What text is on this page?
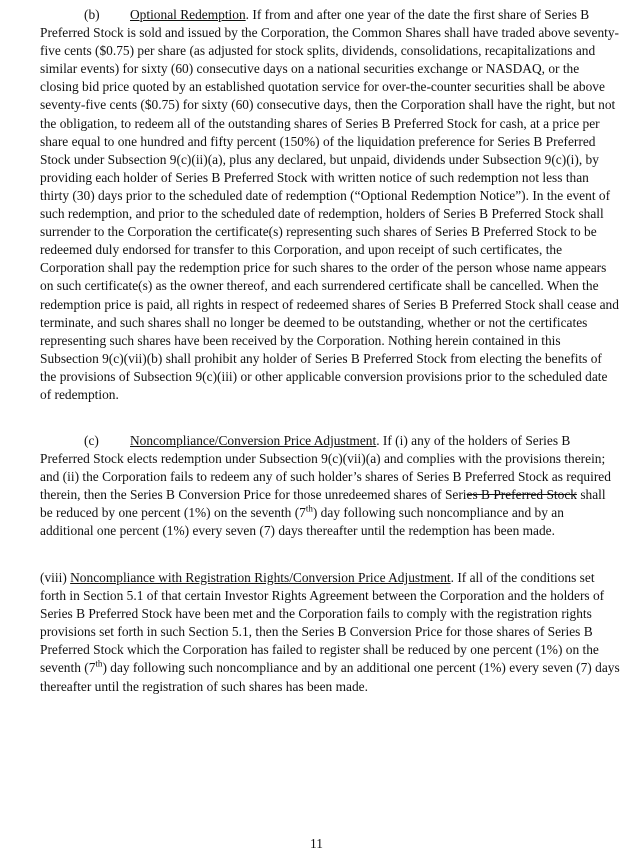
(b) Optional Redemption. If from and after one year of the date the first share of Series B Preferred Stock is sold and issued by the Corporation, the Common Shares shall have traded above seventy-five cents ($0.75) per share (as adjusted for stock splits, dividends, consolidations, recapitalizations and similar events) for sixty (60) consecutive days on a national securities exchange or NASDAQ, or the closing bid price quoted by an established quotation service for over-the-counter securities shall be above seventy-five cents ($0.75) for sixty (60) consecutive days, then the Corporation shall have the right, but not the obligation, to redeem all of the outstanding shares of Series B Preferred Stock for cash, at a price per share equal to one hundred and fifty percent (150%) of the liquidation preference for Series B Preferred Stock under Subsection 9(c)(ii)(a), plus any declared, but unpaid, dividends under Subsection 9(c)(i), by providing each holder of Series B Preferred Stock with written notice of such redemption not less than thirty (30) days prior to the scheduled date of redemption (“Optional Redemption Notice”). In the event of such redemption, and prior to the scheduled date of redemption, holders of Series B Preferred Stock shall surrender to the Corporation the certificate(s) representing such shares of Series B Preferred Stock to be redeemed duly endorsed for transfer to this Corporation, and upon receipt of such certificates, the Corporation shall pay the redemption price for such shares to the order of the person whose name appears on such certificate(s) as the owner thereof, and each surrendered certificate shall be cancelled. When the redemption price is paid, all rights in respect of redeemed shares of Series B Preferred Stock shall cease and terminate, and such shares shall no longer be deemed to be outstanding, whether or not the certificates representing such shares have been received by the Corporation. Nothing herein contained in this Subsection 9(c)(vii)(b) shall prohibit any holder of Series B Preferred Stock from electing the benefits of the provisions of Subsection 9(c)(iii) or other applicable conversion provisions prior to the scheduled date of redemption.

(c) Noncompliance/Conversion Price Adjustment. If (i) any of the holders of Series B Preferred Stock elects redemption under Subsection 9(c)(vii)(a) and complies with the provisions therein; and (ii) the Corporation fails to redeem any of such holder’s shares of Series B Preferred Stock as required therein, then the Series B Conversion Price for those unredeemed shares of Series B Preferred Stock shall be reduced by one percent (1%) on the seventh (7th) day following such noncompliance and by an additional one percent (1%) every seven (7) days thereafter until the redemption has been made.

(viii) Noncompliance with Registration Rights/Conversion Price Adjustment. If all of the conditions set forth in Section 5.1 of that certain Investor Rights Agreement between the Corporation and the holders of Series B Preferred Stock have been met and the Corporation fails to comply with the registration rights provisions set forth in such Section 5.1, then the Series B Conversion Price for those shares of Series B Preferred Stock which the Corporation has failed to register shall be reduced by one percent (1%) on the seventh (7th) day following such noncompliance and by an additional one percent (1%) every seven (7) days thereafter until the registration of such shares has been made.

11
